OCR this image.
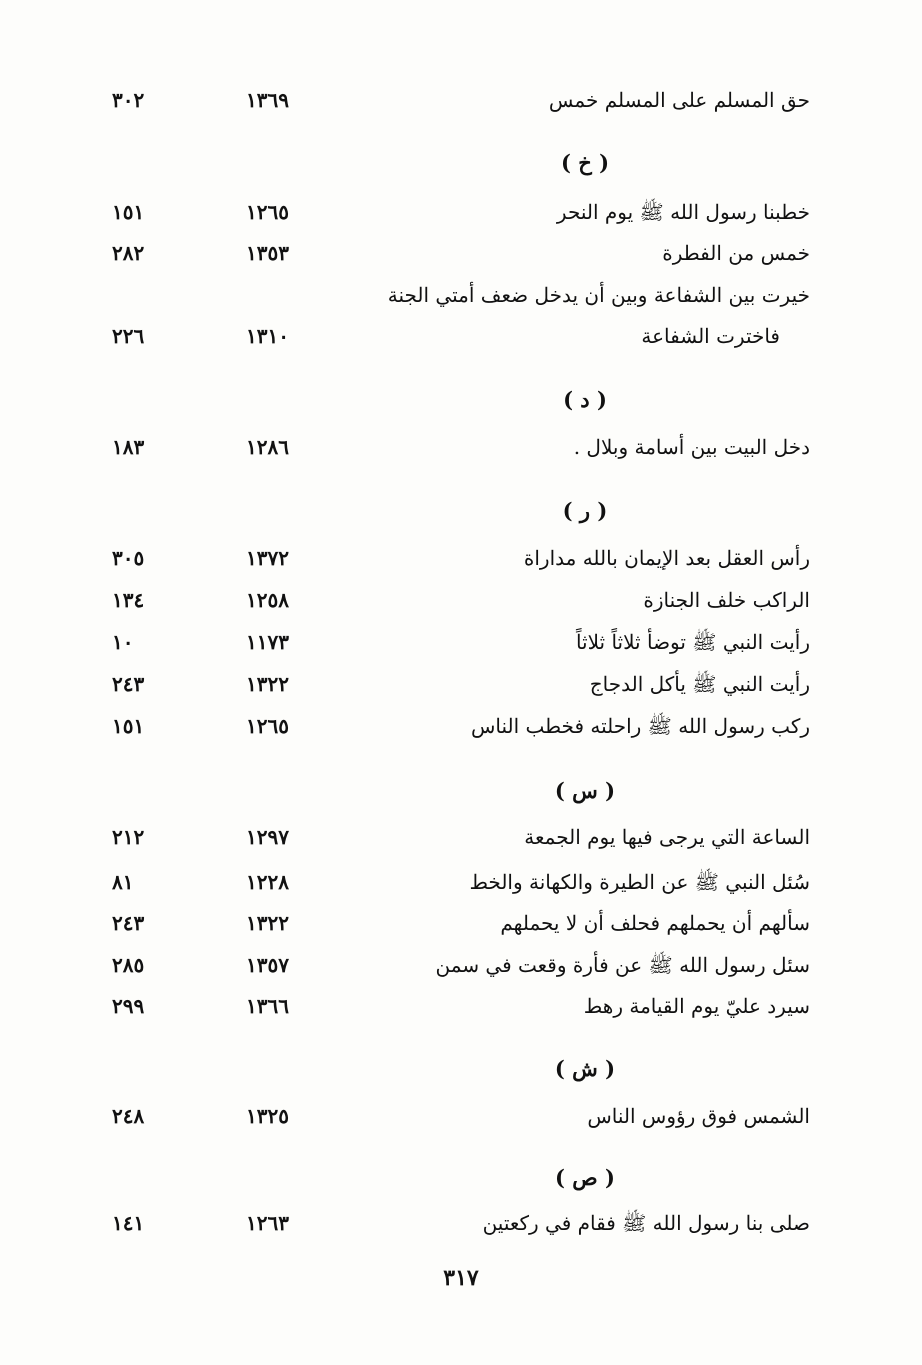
حق المسلم على المسلم خمس
١٣٦٩
٣٠٢
( خ )
خطبنا رسول الله ﷺ يوم النحر
١٢٦٥
١٥١
خمس من الفطرة
١٣٥٣
٢٨٢
خيرت بين الشفاعة وبين أن يدخل ضعف أمتي الجنة
فاخترت الشفاعة
١٣١٠
٢٢٦
( د )
دخل البيت بين أسامة وبلال .
١٢٨٦
١٨٣
( ر )
رأس العقل بعد الإيمان بالله مداراة
١٣٧٢
٣٠٥
الراكب خلف الجنازة
١٢٥٨
١٣٤
رأيت النبي ﷺ توضأ ثلاثاً ثلاثاً
١١٧٣
١٠
رأيت النبي ﷺ يأكل الدجاج
١٣٢٢
٢٤٣
ركب رسول الله ﷺ راحلته فخطب الناس
١٢٦٥
١٥١
( س )
الساعة التي يرجى فيها يوم الجمعة
١٢٩٧
٢١٢
سُئل النبي ﷺ عن الطيرة والكهانة والخط
١٢٢٨
٨١
سألهم أن يحملهم فحلف أن لا يحملهم
١٣٢٢
٢٤٣
سئل رسول الله ﷺ عن فأرة وقعت في سمن
١٣٥٧
٢٨٥
سيرد عليّ يوم القيامة رهط
١٣٦٦
٢٩٩
( ش )
الشمس فوق رؤوس الناس
١٣٢٥
٢٤٨
( ص )
صلى بنا رسول الله ﷺ فقام في ركعتين
١٢٦٣
١٤١
٣١٧
